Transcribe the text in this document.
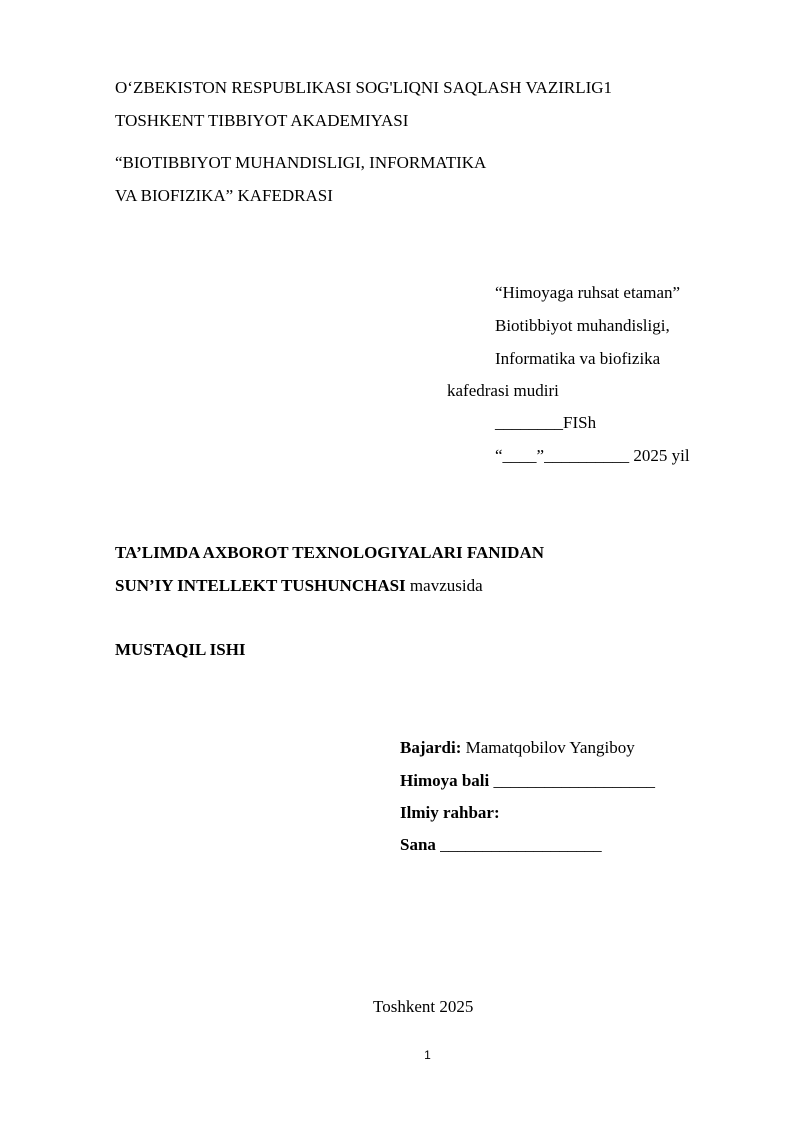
O‘ZBEKISTON RESPUBLIKASI SOG'LIQNI SAQLASH VAZIRLIG1
TOSHKENT TIBBIYOT AKADEMIYASI
“BIOTIBBIYOT MUHANDISLIGI, INFORMATIKA
VA BIOFIZIKA” KAFEDRASI
“Himoyaga ruhsat etaman”
Biotibbiyot muhandisligi,
Informatika va biofizika
kafedrasi mudiri
________FISh
“____”__________ 2025 yil
TA’LIMDA AXBOROT TEXNOLOGIYALARI FANIDAN
SUN’IY INTELLEKT TUSHUNCHASI mavzusida
MUSTAQIL ISHI
Bajardi: Mamatqobilov Yangiboy
Himoya bali ___________________
Ilmiy rahbar:
Sana ___________________
Toshkent 2025
1
